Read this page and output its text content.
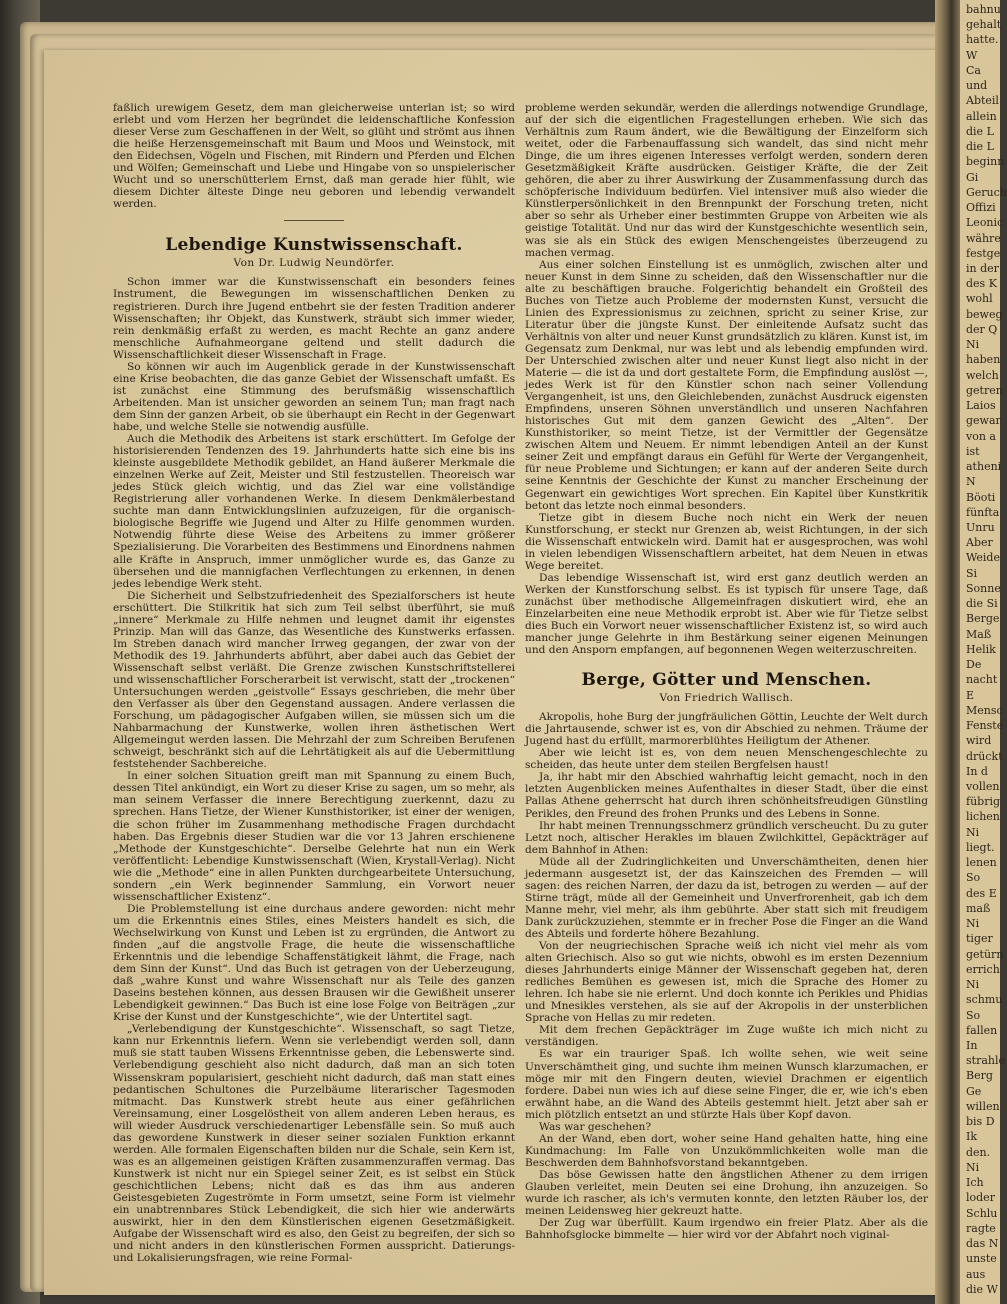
bahnu
gehalt
hatte.
W
Ca
und
Abteil
allein
die L
die L
beginn
Gi
Geruch
Offizi
Leonic
währe
festge
in der
des K
wohl
beweg
der Q
Ni
haben
welch
getren
Laios
gewar
von a
ist
atheni
N
Böoti
fünfta
Unru
Aber
Weide
Si
Sonne
die Si
Berge
Maß
Helik
De
nacht
E
Mensc
Fenste
wird
drückt
In d
vollen
fübrig
lichen
Ni
liegt.
lenen
So
des E
maß
Ni
tiger
getürn
errich
Ni
schmu
So
fallen
In
strahle
Berg
Ge
willen
bis D
Ik
den.
Ni
Ich
loder
Schlu
ragte
das N
unste
aus
die W

faßlich urewigem Gesetz, dem man gleicherweise unterlan ist; so wird erlebt und vom Herzen her begründet die leidenschaftliche Konfession dieser Verse zum Geschaffenen in der Welt, so glüht und strömt aus ihnen die heiße Herzensgemeinschaft mit Baum und Moos und Weinstock, mit den Eidechsen, Vögeln und Fischen, mit Rindern und Pferden und Elchen und Wölfen; Gemeinschaft und Liebe und Hingabe von so unspielerischer Wucht und so unerschütterlem Ernst, daß man gerade hier fühlt, wie diesem Dichter älteste Dinge neu geboren und lebendig verwandelt werden.

Lebendige Kunstwissenschaft.
Von Dr. Ludwig Neundörfer.

Schon immer war die Kunstwissenschaft ein besonders feines Instrument, die Bewegungen im wissenschaftlichen Denken zu registrieren. Durch ihre Jugend entbehrt sie der festen Tradition anderer Wissenschaften; ihr Objekt, das Kunstwerk, sträubt sich immer wieder, rein denkmäßig erfaßt zu werden, es macht Rechte an ganz andere menschliche Aufnahmeorgane geltend und stellt dadurch die Wissenschaftlichkeit dieser Wissenschaft in Frage.

So können wir auch im Augenblick gerade in der Kunstwissenschaft eine Krise beobachten, die das ganze Gebiet der Wissenschaft umfaßt. Es ist zunächst eine Stimmung des berufsmäßig wissenschaftlich Arbeitenden. Man ist unsicher geworden an seinem Tun; man fragt nach dem Sinn der ganzen Arbeit, ob sie überhaupt ein Recht in der Gegenwart habe, und welche Stelle sie notwendig ausfülle.

Auch die Methodik des Arbeitens ist stark erschüttert. Im Gefolge der historisierenden Tendenzen des 19. Jahrhunderts hatte sich eine bis ins kleinste ausgebildete Methodik gebildet, an Hand äußerer Merkmale die einzelnen Werke auf Zeit, Meister und Stil festzustellen. Theoreisch war jedes Stück gleich wichtig, und das Ziel war eine vollständige Registrierung aller vorhandenen Werke. In diesem Denkmälerbestand suchte man dann Entwicklungslinien aufzuzeigen, für die organisch-biologische Begriffe wie Jugend und Alter zu Hilfe genommen wurden. Notwendig führte diese Weise des Arbeitens zu immer größerer Spezialisierung. Die Vorarbeiten des Bestimmens und Einordnens nahmen alle Kräfte in Anspruch, immer unmöglicher wurde es, das Ganze zu übersehen und die mannigfachen Verflechtungen zu erkennen, in denen jedes lebendige Werk steht.

Die Sicherheit und Selbstzufriedenheit des Spezialforschers ist heute erschüttert. Die Stilkritik hat sich zum Teil selbst überführt, sie muß „innere“ Merkmale zu Hilfe nehmen und leugnet damit ihr eigenstes Prinzip. Man will das Ganze, das Wesentliche des Kunstwerks erfassen. Im Streben danach wird mancher Irrweg gegangen, der zwar von der Methodik des 19. Jahrhunderts abführt, aber dabei auch das Gebiet der Wissenschaft selbst verläßt. Die Grenze zwischen Kunstschriftstellerei und wissenschaftlicher Forscherarbeit ist verwischt, statt der „trockenen“ Untersuchungen werden „geistvolle“ Essays geschrieben, die mehr über den Verfasser als über den Gegenstand aussagen. Andere verlassen die Forschung, um pädagogischer Aufgaben willen, sie müssen sich um die Nahbarmachung der Kunstwerke, wollen ihren ästhetischen Wert Allgemeingut werden lassen. Die Mehrzahl der zum Schreiben Berufenen schweigt, beschränkt sich auf die Lehrtätigkeit als auf die Uebermittlung feststehender Sachbereiche.

In einer solchen Situation greift man mit Spannung zu einem Buch, dessen Titel ankündigt, ein Wort zu dieser Krise zu sagen, um so mehr, als man seinem Verfasser die innere Berechtigung zuerkennt, dazu zu sprechen. Hans Tietze, der Wiener Kunsthistoriker, ist einer der wenigen, die schon früher im Zusammenhang methodische Fragen durchdacht haben. Das Ergebnis dieser Studien war die vor 13 Jahren erschienene „Methode der Kunstgeschichte“. Derselbe Gelehrte hat nun ein Werk veröffentlicht: Lebendige Kunstwissenschaft (Wien, Krystall-Verlag). Nicht wie die „Methode“ eine in allen Punkten durchgearbeitete Untersuchung, sondern „ein Werk beginnender Sammlung, ein Vorwort neuer wissenschaftlicher Existenz“.

Die Problemstellung ist eine durchaus andere geworden: nicht mehr um die Erkenntnis eines Stiles, eines Meisters handelt es sich, die Wechselwirkung von Kunst und Leben ist zu ergründen, die Antwort zu finden „auf die angstvolle Frage, die heute die wissenschaftliche Erkenntnis und die lebendige Schaffenstätigkeit lähmt, die Frage, nach dem Sinn der Kunst“. Und das Buch ist getragen von der Ueberzeugung, daß „wahre Kunst und wahre Wissenschaft nur als Teile des ganzen Daseins bestehen können, aus dessen Brausen wir die Gewißheit unserer Lebendigkeit gewinnen.“ Das Buch ist eine lose Folge von Beiträgen „zur Krise der Kunst und der Kunstgeschichte“, wie der Untertitel sagt.

„Verlebendigung der Kunstgeschichte“. Wissenschaft, so sagt Tietze, kann nur Erkenntnis liefern. Wenn sie verlebendigt werden soll, dann muß sie statt tauben Wissens Erkenntnisse geben, die Lebenswerte sind. Verlebendigung geschieht also nicht dadurch, daß man an sich toten Wissenskram popularisiert, geschieht nicht dadurch, daß man statt eines pedantischen Schultones die Purzelbäume literarischer Tagesmoden mitmacht. Das Kunstwerk strebt heute aus einer gefährlichen Vereinsamung, einer Losgelöstheit von allem anderen Leben heraus, es will wieder Ausdruck verschiedenartiger Lebensfälle sein. So muß auch das gewordene Kunstwerk in dieser seiner sozialen Funktion erkannt werden. Alle formalen Eigenschaften bilden nur die Schale, sein Kern ist, was es an allgemeinen geistigen Kräften zusammenzuraffen vermag. Das Kunstwerk ist nicht nur ein Spiegel seiner Zeit, es ist selbst ein Stück geschichtlichen Lebens; nicht daß es das ihm aus anderen Geistesgebieten Zugeströmte in Form umsetzt, seine Form ist vielmehr ein unabtrennbares Stück Lebendigkeit, die sich hier wie anderwärts auswirkt, hier in den dem Künstlerischen eigenen Gesetzmäßigkeit. Aufgabe der Wissenschaft wird es also, den Geist zu begreifen, der sich so und nicht anders in den künstlerischen Formen ausspricht. Datierungs- und Lokalisierungsfragen, wie reine Formal-

probleme werden sekundär, werden die allerdings notwendige Grundlage, auf der sich die eigentlichen Fragestellungen erheben. Wie sich das Verhältnis zum Raum ändert, wie die Bewältigung der Einzelform sich weitet, oder die Farbenauffassung sich wandelt, das sind nicht mehr Dinge, die um ihres eigenen Interesses verfolgt werden, sondern deren Gesetzmäßigkeit Kräfte ausdrücken. Geistiger Kräfte, die der Zeit gehören, die aber zu ihrer Auswirkung der Zusammenfassung durch das schöpferische Individuum bedürfen. Viel intensiver muß also wieder die Künstlerpersönlichkeit in den Brennpunkt der Forschung treten, nicht aber so sehr als Urheber einer bestimmten Gruppe von Arbeiten wie als geistige Totalität. Und nur das wird der Kunstgeschichte wesentlich sein, was sie als ein Stück des ewigen Menschengeistes überzeugend zu machen vermag.

Aus einer solchen Einstellung ist es unmöglich, zwischen alter und neuer Kunst in dem Sinne zu scheiden, daß den Wissenschaftler nur die alte zu beschäftigen brauche. Folgerichtig behandelt ein Großteil des Buches von Tietze auch Probleme der modernsten Kunst, versucht die Linien des Expressionismus zu zeichnen, spricht zu seiner Krise, zur Literatur über die jüngste Kunst. Der einleitende Aufsatz sucht das Verhältnis von alter und neuer Kunst grundsätzlich zu klären. Kunst ist, im Gegensatz zum Denkmal, nur was lebt und als lebendig empfunden wird. Der Unterschied zwischen alter und neuer Kunst liegt also nicht in der Materie — die ist da und dort gestaltete Form, die Empfindung auslöst —, jedes Werk ist für den Künstler schon nach seiner Vollendung Vergangenheit, ist uns, den Gleichlebenden, zunächst Ausdruck eigensten Empfindens, unseren Söhnen unverständlich und unseren Nachfahren historisches Gut mit dem ganzen Gewicht des „Alten“. Der Kunsthistoriker, so meint Tietze, ist der Vermittler der Gegensätze zwischen Altem und Neuem. Er nimmt lebendigen Anteil an der Kunst seiner Zeit und empfängt daraus ein Gefühl für Werte der Vergangenheit, für neue Probleme und Sichtungen; er kann auf der anderen Seite durch seine Kenntnis der Geschichte der Kunst zu mancher Erscheinung der Gegenwart ein gewichtiges Wort sprechen. Ein Kapitel über Kunstkritik betont das letzte noch einmal besonders.

Tietze gibt in diesem Buche noch nicht ein Werk der neuen Kunstforschung, er steckt nur Grenzen ab, weist Richtungen, in der sich die Wissenschaft entwickeln wird. Damit hat er ausgesprochen, was wohl in vielen lebendigen Wissenschaftlern arbeitet, hat dem Neuen in etwas Wege bereitet.

Das lebendige Wissenschaft ist, wird erst ganz deutlich werden an Werken der Kunstforschung selbst. Es ist typisch für unsere Tage, daß zunächst über methodische Allgemeinfragen diskutiert wird, ehe an Einzelarbeiten eine neue Methodik erprobt ist. Aber wie für Tietze selbst dies Buch ein Vorwort neuer wissenschaftlicher Existenz ist, so wird auch mancher junge Gelehrte in ihm Bestärkung seiner eigenen Meinungen und den Ansporn empfangen, auf begonnenen Wegen weiterzuschreiten.

Berge, Götter und Menschen.
Von Friedrich Wallisch.

Akropolis, hohe Burg der jungfräulichen Göttin, Leuchte der Welt durch die Jahrtausende, schwer ist es, von dir Abschied zu nehmen. Träume der Jugend hast du erfüllt, marmorerblühtes Heiligtum der Athener.

Aber wie leicht ist es, von dem neuen Menschengeschlechte zu scheiden, das heute unter dem steilen Bergfelsen haust!

Ja, ihr habt mir den Abschied wahrhaftig leicht gemacht, noch in den letzten Augenblicken meines Aufenthaltes in dieser Stadt, über die einst Pallas Athene geherrscht hat durch ihren schönheitsfreudigen Günstling Perikles, den Freund des frohen Prunks und des Lebens in Sonne.

Ihr habt meinen Trennungsschmerz gründlich verscheucht. Du zu guter Letzt noch, altischer Herakles im blauen Zwilchkittel, Gepäckträger auf dem Bahnhof in Athen:

Müde all der Zudringlichkeiten und Unverschämtheiten, denen hier jedermann ausgesetzt ist, der das Kainszeichen des Fremden — will sagen: des reichen Narren, der dazu da ist, betrogen zu werden — auf der Stirne trägt, müde all der Gemeinheit und Unverfrorenheit, gab ich dem Manne mehr, viel mehr, als ihm gebührte. Aber statt sich mit freudigem Dank zurückzuziehen, stemmte er in frecher Pose die Finger an die Wand des Abteils und forderte höhere Bezahlung.

Von der neugriechischen Sprache weiß ich nicht viel mehr als vom alten Griechisch. Also so gut wie nichts, obwohl es im ersten Dezennium dieses Jahrhunderts einige Männer der Wissenschaft gegeben hat, deren redliches Bemühen es gewesen ist, mich die Sprache des Homer zu lehren. Ich habe sie nie erlernt. Und doch konnte ich Perikles und Phidias und Mnesikles verstehen, als sie auf der Akropolis in der unsterblichen Sprache von Hellas zu mir redeten.

Mit dem frechen Gepäckträger im Zuge wußte ich mich nicht zu verständigen.

Es war ein trauriger Spaß. Ich wollte sehen, wie weit seine Unverschämtheit ging, und suchte ihm meinen Wunsch klarzumachen, er möge mir mit den Fingern deuten, wieviel Drachmen er eigentlich fordere. Dabei nun wies ich auf diese seine Finger, die er, wie ich's eben erwähnt habe, an die Wand des Abteils gestemmt hielt. Jetzt aber sah er mich plötzlich entsetzt an und stürzte Hals über Kopf davon.

Was war geschehen?

An der Wand, eben dort, woher seine Hand gehalten hatte, hing eine Kundmachung: Im Falle von Unzukömmlichkeiten wolle man die Beschwerden dem Bahnhofsvorstand bekanntgeben.

Das böse Gewissen hatte den ängstlichen Athener zu dem irrigen Glauben verleitet, mein Deuten sei eine Drohung, ihn anzuzeigen. So wurde ich rascher, als ich's vermuten konnte, den letzten Räuber los, der meinen Leidensweg hier gekreuzt hatte.

Der Zug war überfüllt. Kaum irgendwo ein freier Platz. Aber als die Bahnhofsglocke bimmelte — hier wird vor der Abfahrt noch viginal-
